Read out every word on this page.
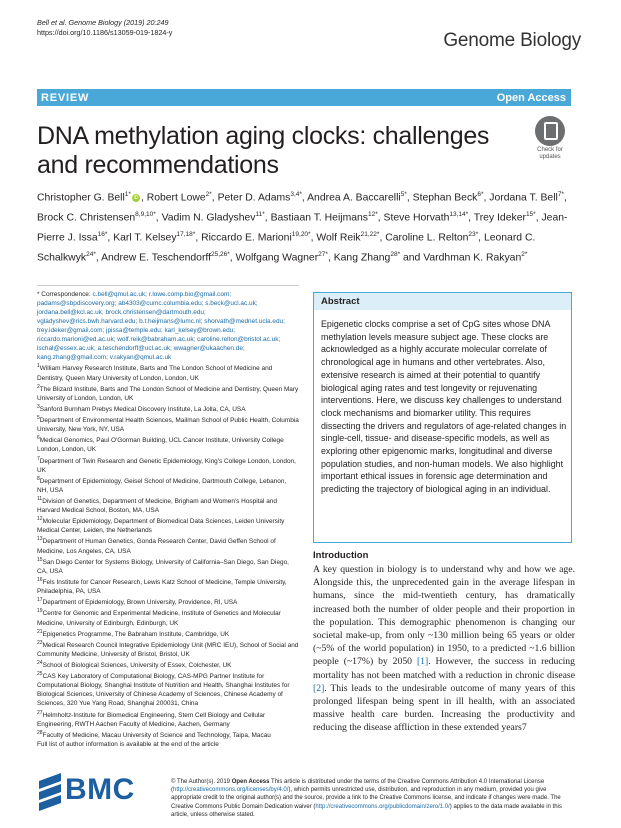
Bell et al. Genome Biology (2019) 20:249
https://doi.org/10.1186/s13059-019-1824-y	Genome Biology
REVIEW	Open Access
DNA methylation aging clocks: challenges and recommendations
Check for
updates
Christopher G. Bell$^{1*}$iD , Robert Lowe$^{2*}$, Peter D. Adams$^{3,4*}$, Andrea A. Baccarelli$^{5*}$, Stephan Beck$^{6*}$, Jordana T. Bell$^{7*}$, Brock C. Christensen$^{8,9,10*}$, Vadim N. Gladyshev$^{11*}$, Bastiaan T. Heijmans$^{12*}$, Steve Horvath$^{13,14*}$, Trey Ideker$^{15*}$, Jean-Pierre J. Issa$^{16*}$, Karl T. Kelsey$^{17,18*}$, Riccardo E. Marioni$^{19,20*}$, Wolf Reik$^{21,22*}$, Caroline L. Relton$^{23*}$, Leonard C. Schalkwyk$^{24*}$, Andrew E. Teschendorff$^{25,26*}$, Wolfgang Wagner$^{27*}$, Kang Zhang$^{28*}$ and Vardhman K. Rakyan$^{2*}$
* Correspondence: c.bell@qmul.ac.uk; r.lowe.comp.bio@gmail.com; padams@sbpdiscovery.org; ab4303@cumc.columbia.edu; s.beck@ucl.ac.uk; jordana.bell@kcl.ac.uk; brock.christensen@dartmouth.edu; vgladyshev@rics.bwh.harvard.edu; b.t.heijmans@lumc.nl; shorvath@mednet.ucla.edu; trey.ideker@gmail.com; jpissa@temple.edu; karl_kelsey@brown.edu; riccardo.marioni@ed.ac.uk; wolf.reik@babraham.ac.uk; caroline.relton@bristol.ac.uk; lschal@essex.ac.uk; a.teschendorff@ucl.ac.uk; wwagner@ukaachen.de; kang.zhang@gmail.com; v.rakyan@qmul.ac.uk
$^1$William Harvey Research Institute, Barts and The London School of Medicine and Dentistry, Queen Mary University of London, London, UK
$^2$The Blizard Institute, Barts and The London School of Medicine and Dentistry, Queen Mary University of London, London, UK
$^3$Sanford Burnham Prebys Medical Discovery Institute, La Jolla, CA, USA
$^5$Department of Environmental Health Sciences, Mailman School of Public Health, Columbia University, New York, NY, USA
$^6$Medical Genomics, Paul O'Gorman Building, UCL Cancer Institute, University College London, London, UK
$^7$Department of Twin Research and Genetic Epidemiology, King's College London, London, UK
$^8$Department of Epidemiology, Geisel School of Medicine, Dartmouth College, Lebanon, NH, USA
$^{11}$Division of Genetics, Department of Medicine, Brigham and Women's Hospital and Harvard Medical School, Boston, MA, USA
$^{12}$Molecular Epidemiology, Department of Biomedical Data Sciences, Leiden University Medical Center, Leiden, the Netherlands
$^{13}$Department of Human Genetics, Gonda Research Center, David Geffen School of Medicine, Los Angeles, CA, USA
$^{15}$San Diego Center for Systems Biology, University of California–San Diego, San Diego, CA, USA
$^{16}$Fels Institute for Cancer Research, Lewis Katz School of Medicine, Temple University, Philadelphia, PA, USA
$^{17}$Department of Epidemiology, Brown University, Providence, RI, USA
$^{19}$Centre for Genomic and Experimental Medicine, Institute of Genetics and Molecular Medicine, University of Edinburgh, Edinburgh, UK
$^{21}$Epigenetics Programme, The Babraham Institute, Cambridge, UK
$^{23}$Medical Research Council Integrative Epidemiology Unit (MRC IEU), School of Social and Community Medicine, University of Bristol, Bristol, UK
$^{24}$School of Biological Sciences, University of Essex, Colchester, UK
$^{25}$CAS Key Laboratory of Computational Biology, CAS-MPG Partner Institute for Computational Biology, Shanghai Institute of Nutrition and Health, Shanghai Institutes for Biological Sciences, University of Chinese Academy of Sciences, Chinese Academy of Sciences, 320 Yue Yang Road, Shanghai 200031, China
$^{27}$Helmholtz-Institute for Biomedical Engineering, Stem Cell Biology and Cellular Engineering, RWTH Aachen Faculty of Medicine, Aachen, Germany
$^{28}$Faculty of Medicine, Macau University of Science and Technology, Taipa, Macau
Full list of author information is available at the end of the article
Abstract
Epigenetic clocks comprise a set of CpG sites whose DNA methylation levels measure subject age. These clocks are acknowledged as a highly accurate molecular correlate of chronological age in humans and other vertebrates. Also, extensive research is aimed at their potential to quantify biological aging rates and test longevity or rejuvenating interventions. Here, we discuss key challenges to understand clock mechanisms and biomarker utility. This requires dissecting the drivers and regulators of age-related changes in single-cell, tissue- and disease-specific models, as well as exploring other epigenomic marks, longitudinal and diverse population studies, and non-human models. We also highlight important ethical issues in forensic age determination and predicting the trajectory of biological aging in an individual.
Introduction
A key question in biology is to understand why and how we age. Alongside this, the unprecedented gain in the average lifespan in humans, since the mid-twentieth century, has dramatically increased both the number of older people and their proportion in the population. This demographic phenomenon is changing our societal make-up, from only ~130 million being 65 years or older (~5% of the world population) in 1950, to a predicted ~1.6 billion people (~17%) by 2050 [1]. However, the success in reducing mortality has not been matched with a reduction in chronic disease [2]. This leads to the undesirable outcome of many years of this prolonged lifespan being spent in ill health, with an associated massive health care burden. Increasing the productivity and reducing the disease affliction in these extended years7
BMC	© The Author(s). 2019 Open Access This article is distributed under the terms of the Creative Commons Attribution 4.0 International License (http://creativecommons.org/licenses/by/4.0/), which permits unrestricted use, distribution, and reproduction in any medium, provided you give appropriate credit to the original author(s) and the source, provide a link to the Creative Commons license, and indicate if changes were made. The Creative Commons Public Domain Dedication waiver (http://creativecommons.org/publicdomain/zero/1.0/) applies to the data made available in this article, unless otherwise stated.
